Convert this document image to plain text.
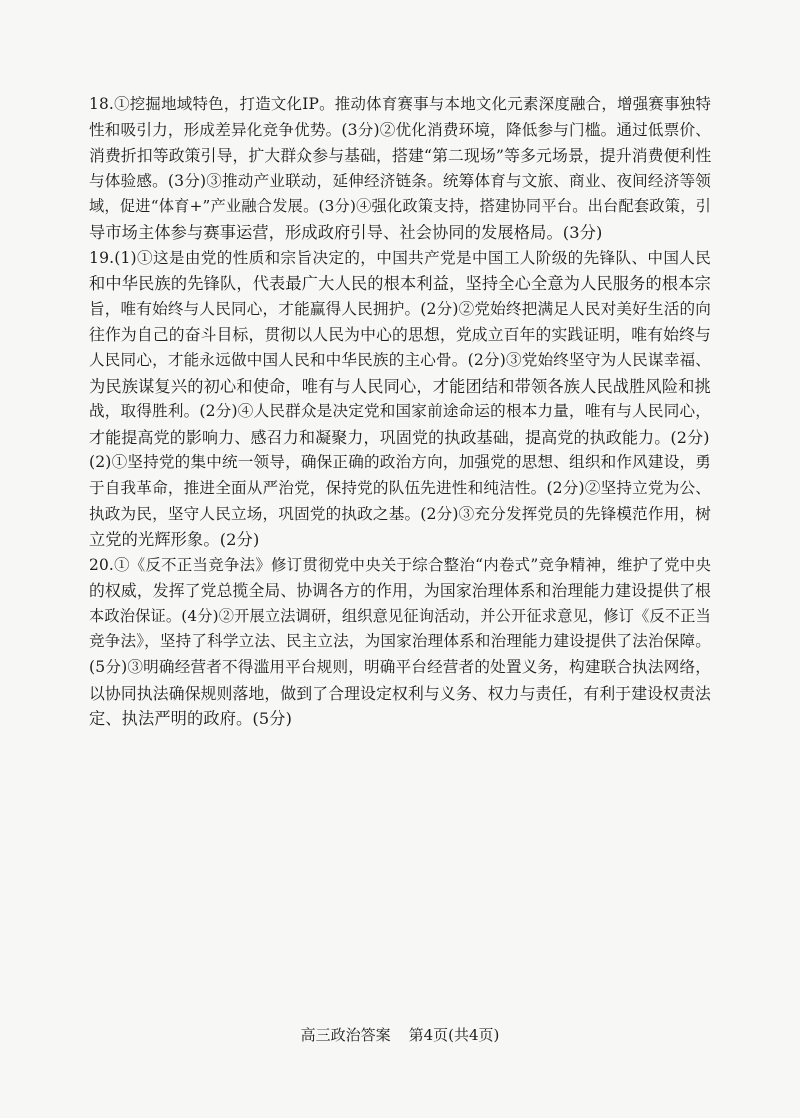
18.①挖掘地域特色，打造文化IP。推动体育赛事与本地文化元素深度融合，增强赛事独特
性和吸引力，形成差异化竞争优势。(3分)②优化消费环境，降低参与门槛。通过低票价、
消费折扣等政策引导，扩大群众参与基础，搭建“第二现场”等多元场景，提升消费便利性
与体验感。(3分)③推动产业联动，延伸经济链条。统筹体育与文旅、商业、夜间经济等领
域，促进“体育+”产业融合发展。(3分)④强化政策支持，搭建协同平台。出台配套政策，引
导市场主体参与赛事运营，形成政府引导、社会协同的发展格局。(3分)
19.(1)①这是由党的性质和宗旨决定的，中国共产党是中国工人阶级的先锋队、中国人民
和中华民族的先锋队，代表最广大人民的根本利益，坚持全心全意为人民服务的根本宗
旨，唯有始终与人民同心，才能赢得人民拥护。(2分)②党始终把满足人民对美好生活的向
往作为自己的奋斗目标，贯彻以人民为中心的思想，党成立百年的实践证明，唯有始终与
人民同心，才能永远做中国人民和中华民族的主心骨。(2分)③党始终坚守为人民谋幸福、
为民族谋复兴的初心和使命，唯有与人民同心，才能团结和带领各族人民战胜风险和挑
战，取得胜利。(2分)④人民群众是决定党和国家前途命运的根本力量，唯有与人民同心，
才能提高党的影响力、感召力和凝聚力，巩固党的执政基础，提高党的执政能力。(2分)
(2)①坚持党的集中统一领导，确保正确的政治方向，加强党的思想、组织和作风建设，勇
于自我革命，推进全面从严治党，保持党的队伍先进性和纯洁性。(2分)②坚持立党为公、
执政为民，坚守人民立场，巩固党的执政之基。(2分)③充分发挥党员的先锋模范作用，树
立党的光辉形象。(2分)
20.①《反不正当竞争法》修订贯彻党中央关于综合整治“内卷式”竞争精神，维护了党中央
的权威，发挥了党总揽全局、协调各方的作用，为国家治理体系和治理能力建设提供了根
本政治保证。(4分)②开展立法调研，组织意见征询活动，并公开征求意见，修订《反不正当
竞争法》，坚持了科学立法、民主立法，为国家治理体系和治理能力建设提供了法治保障。
(5分)③明确经营者不得滥用平台规则，明确平台经营者的处置义务，构建联合执法网络，
以协同执法确保规则落地，做到了合理设定权利与义务、权力与责任，有利于建设权责法
定、执法严明的政府。(5分)
高三政治答案 第4页(共4页)
